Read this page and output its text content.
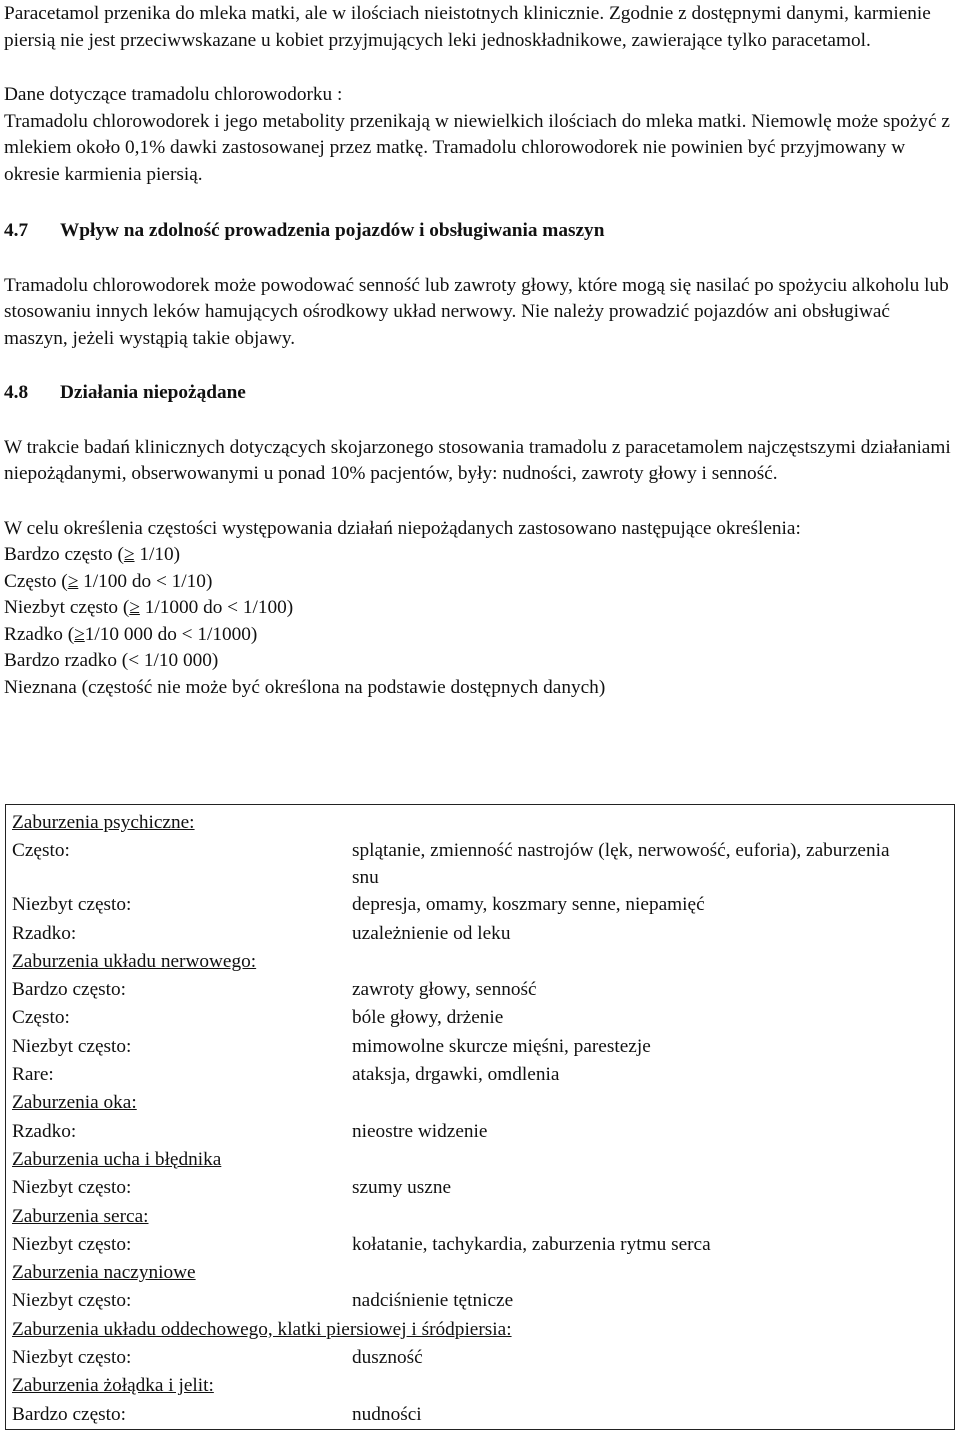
Paracetamol przenika do mleka matki, ale w ilościach nieistotnych klinicznie. Zgodnie z dostępnymi danymi, karmienie piersią nie jest przeciwwskazane u kobiet przyjmujących leki jednoskładnikowe, zawierające tylko paracetamol.

Dane dotyczące tramadolu chlorowodorku :
Tramadolu chlorowodorek i jego metabolity przenikają w niewielkich ilościach do mleka matki. Niemowlę może spożyć z mlekiem około 0,1% dawki zastosowanej przez matkę. Tramadolu chlorowodorek nie powinien być przyjmowany w okresie karmienia piersią.

4.7 Wpływ na zdolność prowadzenia pojazdów i obsługiwania maszyn

Tramadolu chlorowodorek może powodować senność lub zawroty głowy, które mogą się nasilać po spożyciu alkoholu lub stosowaniu innych leków hamujących ośrodkowy układ nerwowy. Nie należy prowadzić pojazdów ani obsługiwać maszyn, jeżeli wystąpią takie objawy.

4.8 Działania niepożądane

W trakcie badań klinicznych dotyczących skojarzonego stosowania tramadolu z paracetamolem najczęstszymi działaniami niepożądanymi, obserwowanymi u ponad 10% pacjentów, były: nudności, zawroty głowy i senność.

W celu określenia częstości występowania działań niepożądanych zastosowano następujące określenia:
Bardzo często (≥ 1/10)
Często (≥ 1/100 do < 1/10)
Niezbyt często (≥ 1/1000 do < 1/100)
Rzadko (≥1/10 000 do < 1/1000)
Bardzo rzadko (< 1/10 000)
Nieznana (częstość nie może być określona na podstawie dostępnych danych)
Zaburzenia psychiczne:	
Często:	splątanie, zmienność nastrojów (lęk, nerwowość, euforia), zaburzenia snu
Niezbyt często:	depresja, omamy, koszmary senne, niepamięć
Rzadko:	uzależnienie od leku
Zaburzenia układu nerwowego:	
Bardzo często:	zawroty głowy, senność
Często:	bóle głowy, drżenie
Niezbyt często:	mimowolne skurcze mięśni, parestezje
Rare:	ataksja, drgawki, omdlenia
Zaburzenia oka:	
Rzadko:	nieostre widzenie
Zaburzenia ucha i błędnika	
Niezbyt często:	szumy uszne
Zaburzenia serca:	
Niezbyt często:	kołatanie, tachykardia, zaburzenia rytmu serca
Zaburzenia naczyniowe	
Niezbyt często:	nadciśnienie tętnicze
Zaburzenia układu oddechowego, klatki piersiowej i śródpiersia:	
Niezbyt często:	duszność
Zaburzenia żołądka i jelit:	
Bardzo często:	nudności
